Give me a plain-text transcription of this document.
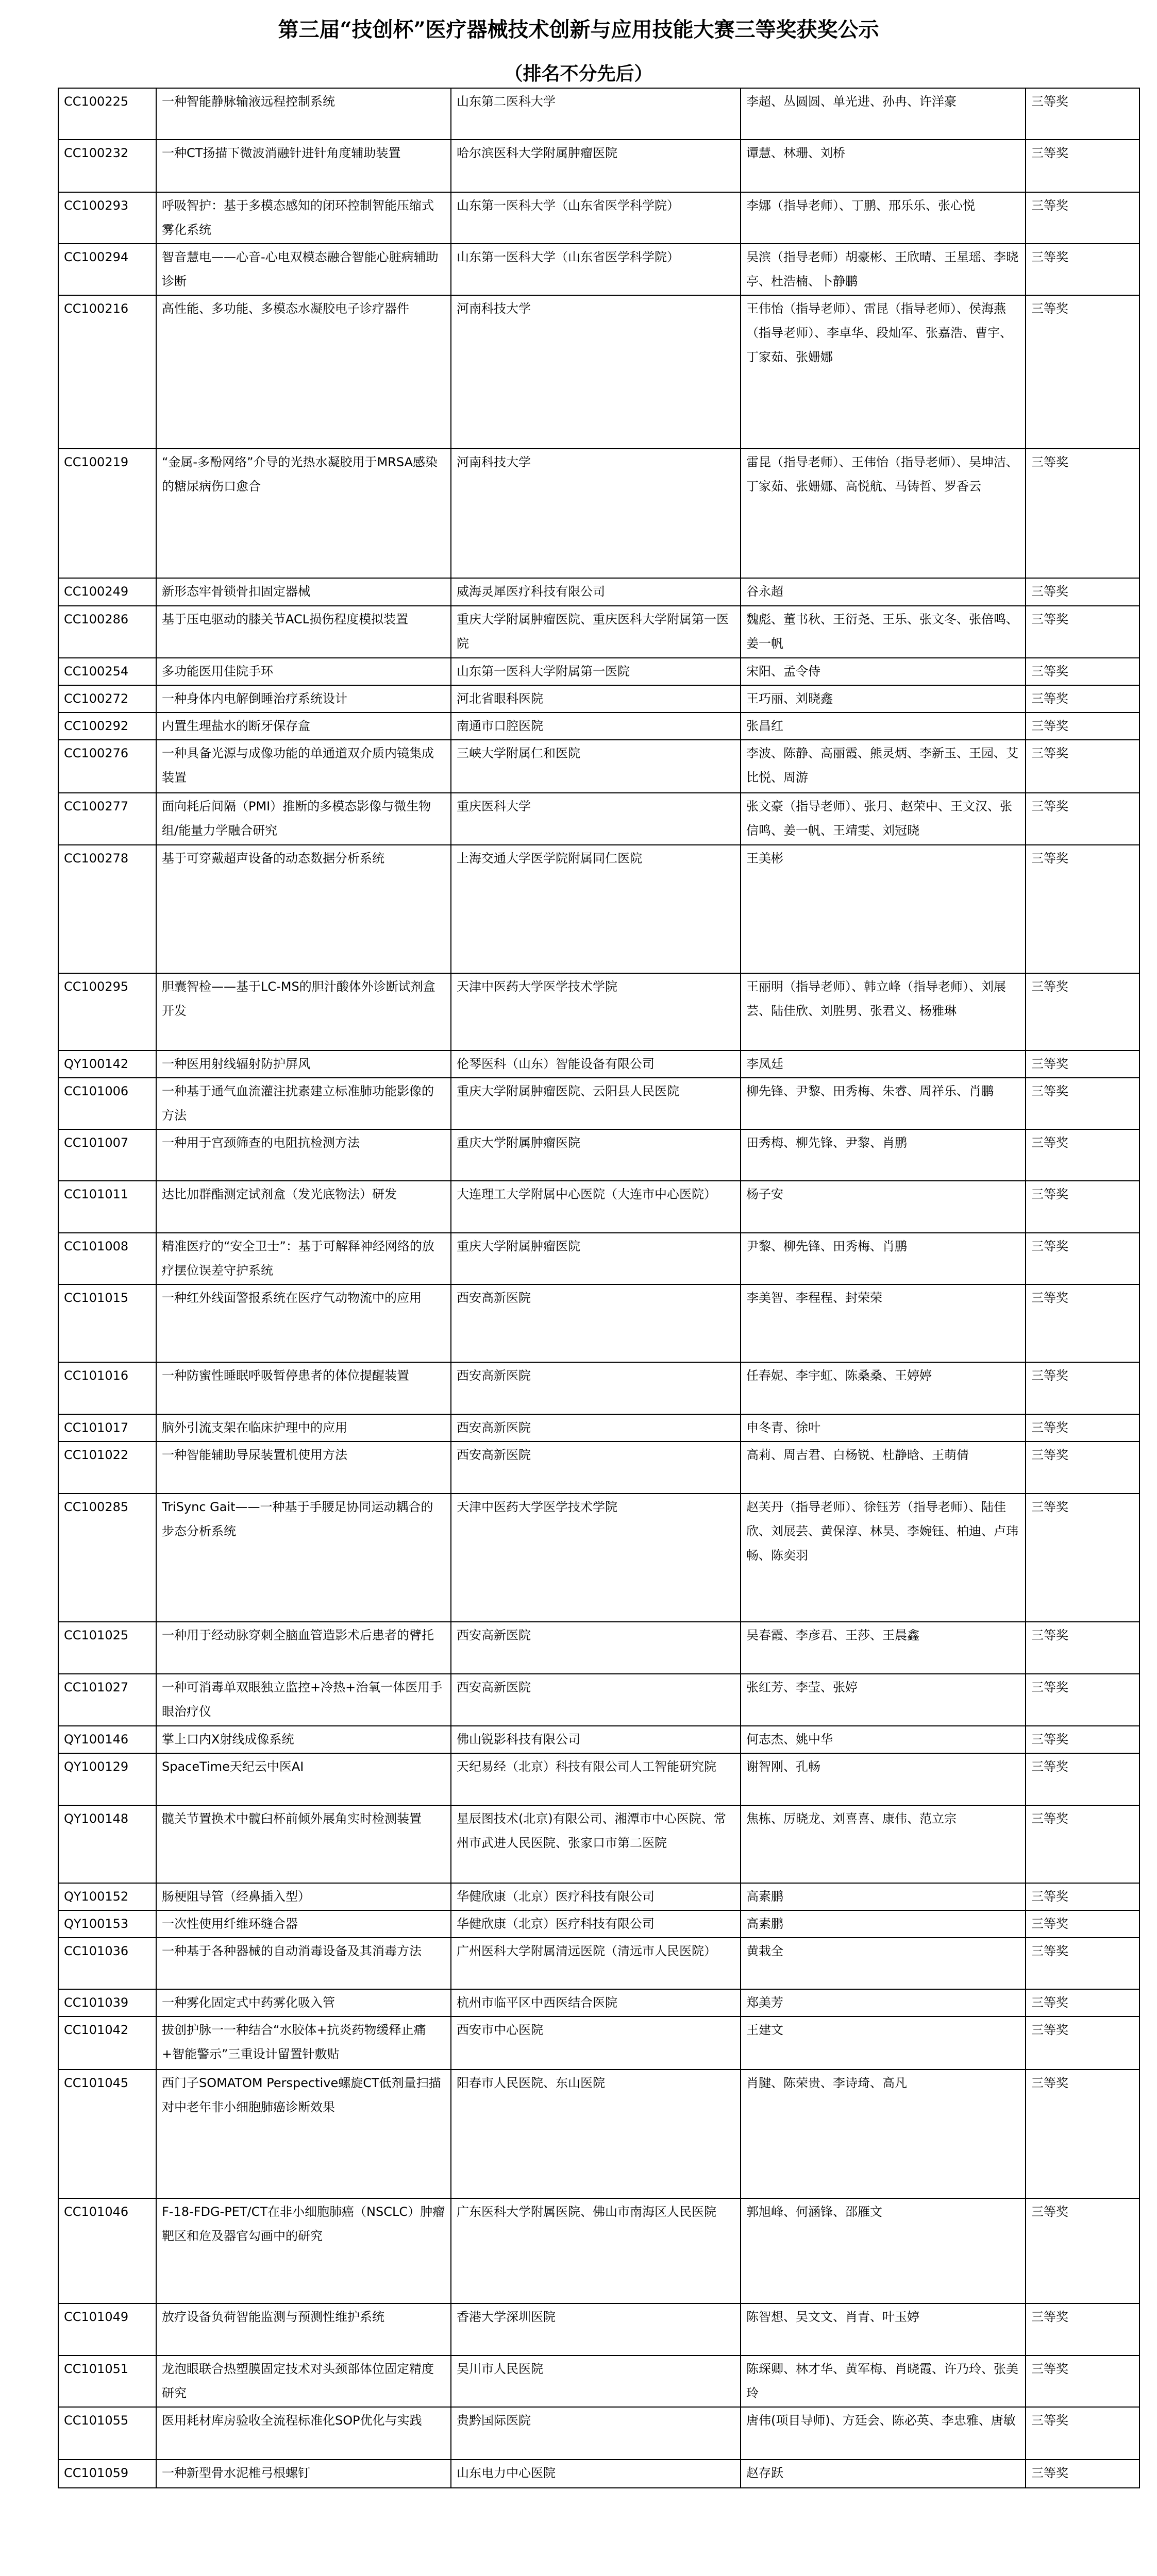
第三届“技创杯”医疗器械技术创新与应用技能大赛三等奖获奖公示
（排名不分先后）
CC100225	一种智能静脉输液远程控制系统	山东第二医科大学	李超、丛圆圆、单光进、孙冉、许洋豪	三等奖
CC100232	一种CT扬描下微波消融针进针角度辅助装置	哈尔滨医科大学附属肿瘤医院	谭慧、林珊、刘桥	三等奖
CC100293	呼吸智护：基于多模态感知的闭环控制智能压缩式雾化系统	山东第一医科大学（山东省医学科学院）	李娜（指导老师）、丁鹏、邢乐乐、张心悦	三等奖
CC100294	智音慧电——心音-心电双模态融合智能心脏病辅助诊断	山东第一医科大学（山东省医学科学院）	吴滨（指导老师）胡豪彬、王欣晴、王星瑶、李晓亭、杜浩楠、卜静鹏	三等奖
CC100216	高性能、多功能、多模态水凝胶电子诊疗器件	河南科技大学	王伟怡（指导老师）、雷昆（指导老师）、侯海燕（指导老师）、李卓华、段灿军、张嘉浩、曹宇、丁家茹、张姗娜	三等奖
CC100219	“金属-多酚网络”介导的光热水凝胶用于MRSA感染的糖尿病伤口愈合	河南科技大学	雷昆（指导老师）、王伟怡（指导老师）、吴坤洁、丁家茹、张姗娜、高悦航、马铸哲、罗香云	三等奖
CC100249	新形态牢骨锁骨扣固定器械	威海灵犀医疗科技有限公司	谷永超	三等奖
CC100286	基于压电驱动的膝关节ACL损伤程度模拟装置	重庆大学附属肿瘤医院、重庆医科大学附属第一医院	魏彪、董书秋、王衍尧、王乐、张文冬、张倍鸣、姜一帆	三等奖
CC100254	多功能医用佳院手环	山东第一医科大学附属第一医院	宋阳、孟令侍	三等奖
CC100272	一种身体内电解倒睡治疗系统设计	河北省眼科医院	王巧丽、刘晓鑫	三等奖
CC100292	内置生理盐水的断牙保存盒	南通市口腔医院	张昌红	三等奖
CC100276	一种具备光源与成像功能的单通道双介质内镜集成装置	三峡大学附属仁和医院	李波、陈静、高丽霞、熊灵炳、李新玉、王园、艾比悦、周游	三等奖
CC100277	面向耗后间隔（PMI）推断的多模态影像与微生物组/能量力学融合研究	重庆医科大学	张文豪（指导老师）、张月、赵荣中、王文汉、张信鸣、姜一帆、王靖雯、刘冠晓	三等奖
CC100278	基于可穿戴超声设备的动态数据分析系统	上海交通大学医学院附属同仁医院	王美彬	三等奖
CC100295	胆囊智检——基于LC-MS的胆汁酸体外诊断试剂盒开发	天津中医药大学医学技术学院	王丽明（指导老师）、韩立峰（指导老师）、刘展芸、陆佳欣、刘胜男、张君义、杨雅琳	三等奖
QY100142	一种医用射线辐射防护屏风	伦琴医科（山东）智能设备有限公司	李凤廷	三等奖
CC101006	一种基于通气血流灌注扰素建立标准肺功能影像的方法	重庆大学附属肿瘤医院、云阳县人民医院	柳先锋、尹黎、田秀梅、朱睿、周祥乐、肖鹏	三等奖
CC101007	一种用于宫颈筛查的电阻抗检测方法	重庆大学附属肿瘤医院	田秀梅、柳先锋、尹黎、肖鹏	三等奖
CC101011	达比加群酯测定试剂盒（发光底物法）研发	大连理工大学附属中心医院（大连市中心医院）	杨子安	三等奖
CC101008	精准医疗的“安全卫士”：基于可解释神经网络的放疗摆位误差守护系统	重庆大学附属肿瘤医院	尹黎、柳先锋、田秀梅、肖鹏	三等奖
CC101015	一种红外线面警报系统在医疗气动物流中的应用	西安高新医院	李美智、李程程、封荣荣	三等奖
CC101016	一种防蜜性睡眠呼吸暂停患者的体位提醒装置	西安高新医院	任春妮、李宇虹、陈桑桑、王婷婷	三等奖
CC101017	脑外引流支架在临床护理中的应用	西安高新医院	申冬青、徐叶	三等奖
CC101022	一种智能辅助导尿装置机使用方法	西安高新医院	高莉、周吉君、白杨锐、杜静晗、王萌倩	三等奖
CC100285	TriSync Gait——一种基于手腰足协同运动耦合的步态分析系统	天津中医药大学医学技术学院	赵芙丹（指导老师）、徐钰芳（指导老师）、陆佳欣、刘展芸、黄保淳、林昊、李婉钰、柏迪、卢玮畅、陈奕羽	三等奖
CC101025	一种用于经动脉穿刺全脑血管造影术后患者的臂托	西安高新医院	吴春霞、李彦君、王莎、王晨鑫	三等奖
CC101027	一种可消毒单双眼独立监控+冷热+治氧一体医用手眼治疗仪	西安高新医院	张红芳、李莹、张婷	三等奖
QY100146	掌上口内X射线成像系统	佛山锐影科技有限公司	何志杰、姚中华	三等奖
QY100129	SpaceTime天纪云中医AI	天纪易经（北京）科技有限公司人工智能研究院	谢智刚、孔畅	三等奖
QY100148	髋关节置换术中髋臼杯前倾外展角实时检测装置	星辰图技术(北京)有限公司、湘潭市中心医院、常州市武进人民医院、张家口市第二医院	焦栋、厉晓龙、刘喜喜、康伟、范立宗	三等奖
QY100152	肠梗阻导管（经鼻插入型）	华健欣康（北京）医疗科技有限公司	高素鹏	三等奖
QY100153	一次性使用纤维环缝合器	华健欣康（北京）医疗科技有限公司	高素鹏	三等奖
CC101036	一种基于各种器械的自动消毒设备及其消毒方法	广州医科大学附属清远医院（清远市人民医院）	黄栽全	三等奖
CC101039	一种雾化固定式中药雾化吸入管	杭州市临平区中西医结合医院	郑美芳	三等奖
CC101042	拔创护脉一一种结合“水胶体+抗炎药物缓释止痛+智能警示”三重设计留置针敷贴	西安市中心医院	王建文	三等奖
CC101045	西门子SOMATOM Perspective螺旋CT低剂量扫描对中老年非小细胞肺癌诊断效果	阳春市人民医院、东山医院	肖腱、陈荣贵、李诗琦、高凡	三等奖
CC101046	F-18-FDG-PET/CT在非小细胞肺癌（NSCLC）肿瘤靶区和危及器官勾画中的研究	广东医科大学附属医院、佛山市南海区人民医院	郭旭峰、何涵锋、邵雁文	三等奖
CC101049	放疗设备负荷智能监测与预测性维护系统	香港大学深圳医院	陈智想、吴文文、肖青、叶玉婷	三等奖
CC101051	龙泡眼联合热塑膜固定技术对头颈部体位固定精度研究	吴川市人民医院	陈琛卿、林才华、黄军梅、肖晓霞、许乃玲、张美玲	三等奖
CC101055	医用耗材库房验收全流程标准化SOP优化与实践	贵黔国际医院	唐伟(项目导师)、方廷会、陈必英、李忠雅、唐敏	三等奖
CC101059	一种新型骨水泥椎弓根螺钉	山东电力中心医院	赵存跃	三等奖
